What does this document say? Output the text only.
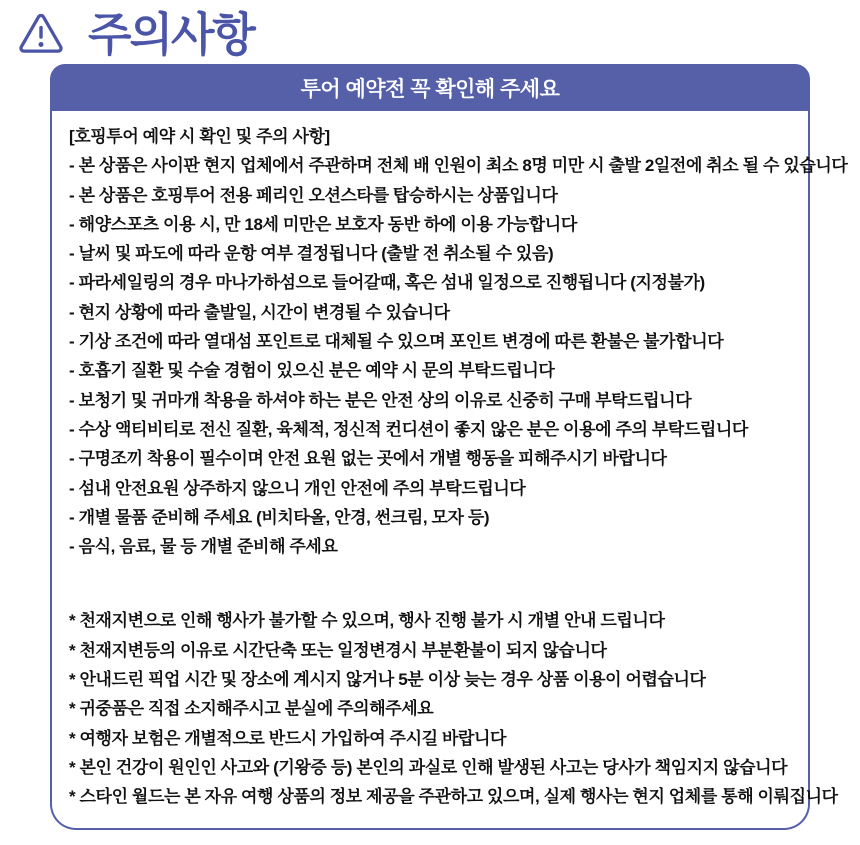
주의사항
투어 예약전 꼭 확인해 주세요
[호핑투어 예약 시 확인 및 주의 사항]
- 본 상품은 사이판 현지 업체에서 주관하며 전체 배 인원이 최소 8명 미만 시 출발 2일전에 취소 될 수 있습니다
- 본 상품은 호핑투어 전용 페리인 오션스타를 탑승하시는 상품입니다
- 해양스포츠 이용 시, 만 18세 미만은 보호자 동반 하에 이용 가능합니다
- 날씨 및 파도에 따라 운항 여부 결정됩니다 (출발 전 취소될 수 있음)
- 파라세일링의 경우 마나가하섬으로 들어갈때, 혹은 섬내 일정으로 진행됩니다 (지정불가)
- 현지 상황에 따라 출발일, 시간이 변경될 수 있습니다
- 기상 조건에 따라 열대섬 포인트로 대체될 수 있으며 포인트 변경에 따른 환불은 불가합니다
- 호흡기 질환 및 수술 경험이 있으신 분은 예약 시 문의 부탁드립니다
- 보청기 및 귀마개 착용을 하셔야 하는 분은 안전 상의 이유로 신중히 구매 부탁드립니다
- 수상 액티비티로 전신 질환, 육체적, 정신적 컨디션이 좋지 않은 분은 이용에 주의 부탁드립니다
- 구명조끼 착용이 필수이며 안전 요원 없는 곳에서 개별 행동을 피해주시기 바랍니다
- 섬내 안전요원 상주하지 않으니 개인 안전에 주의 부탁드립니다
- 개별 물품 준비해 주세요 (비치타올, 안경, 썬크림, 모자 등)
- 음식, 음료, 물 등 개별 준비해 주세요
* 천재지변으로 인해 행사가 불가할 수 있으며, 행사 진행 불가 시 개별 안내 드립니다
* 천재지변등의 이유로 시간단축 또는 일정변경시 부분환불이 되지 않습니다
* 안내드린 픽업 시간 및 장소에 계시지 않거나 5분 이상 늦는 경우 상품 이용이 어렵습니다
* 귀중품은 직접 소지해주시고 분실에 주의해주세요
* 여행자 보험은 개별적으로 반드시 가입하여 주시길 바랍니다
* 본인 건강이 원인인 사고와 (기왕증 등) 본인의 과실로 인해 발생된 사고는 당사가 책임지지 않습니다
* 스타인 월드는 본 자유 여행 상품의 정보 제공을 주관하고 있으며, 실제 행사는 현지 업체를 통해 이뤄집니다
